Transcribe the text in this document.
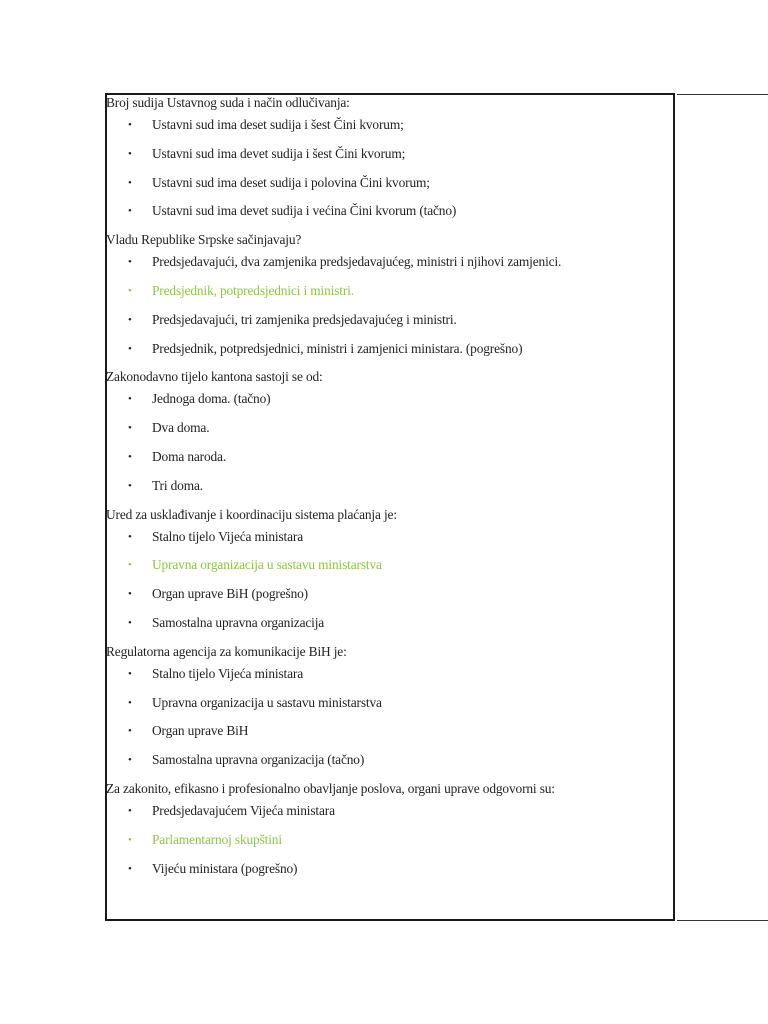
Broj sudija Ustavnog suda i način odlučivanja:
• Ustavni sud ima deset sudija i šest Čini kvorum;
• Ustavni sud ima devet sudija i šest Čini kvorum;
• Ustavni sud ima deset sudija i polovina Čini kvorum;
• Ustavni sud ima devet sudija i većina Čini kvorum (tačno)
Vladu Republike Srpske sačinjavaju?
• Predsjedavajući, dva zamjenika predsjedavajućeg, ministri i njihovi zamjenici.
• Predsjednik, potpredsjednici i ministri.
• Predsjedavajući, tri zamjenika predsjedavajućeg i ministri.
• Predsjednik, potpredsjednici, ministri i zamjenici ministara. (pogrešno)
Zakonodavno tijelo kantona sastoji se od:
• Jednoga doma. (tačno)
• Dva doma.
• Doma naroda.
• Tri doma.
Ured za usklađivanje i koordinaciju sistema plaćanja je:
• Stalno tijelo Vijeća ministara
• Upravna organizacija u sastavu ministarstva
• Organ uprave BiH (pogrešno)
• Samostalna upravna organizacija
Regulatorna agencija za komunikacije BiH je:
• Stalno tijelo Vijeća ministara
• Upravna organizacija u sastavu ministarstva
• Organ uprave BiH
• Samostalna upravna organizacija (tačno)
Za zakonito, efikasno i profesionalno obavljanje poslova, organi uprave odgovorni su:
• Predsjedavajućem Vijeća ministara
• Parlamentarnoj skupštini
• Vijeću ministara (pogrešno)
